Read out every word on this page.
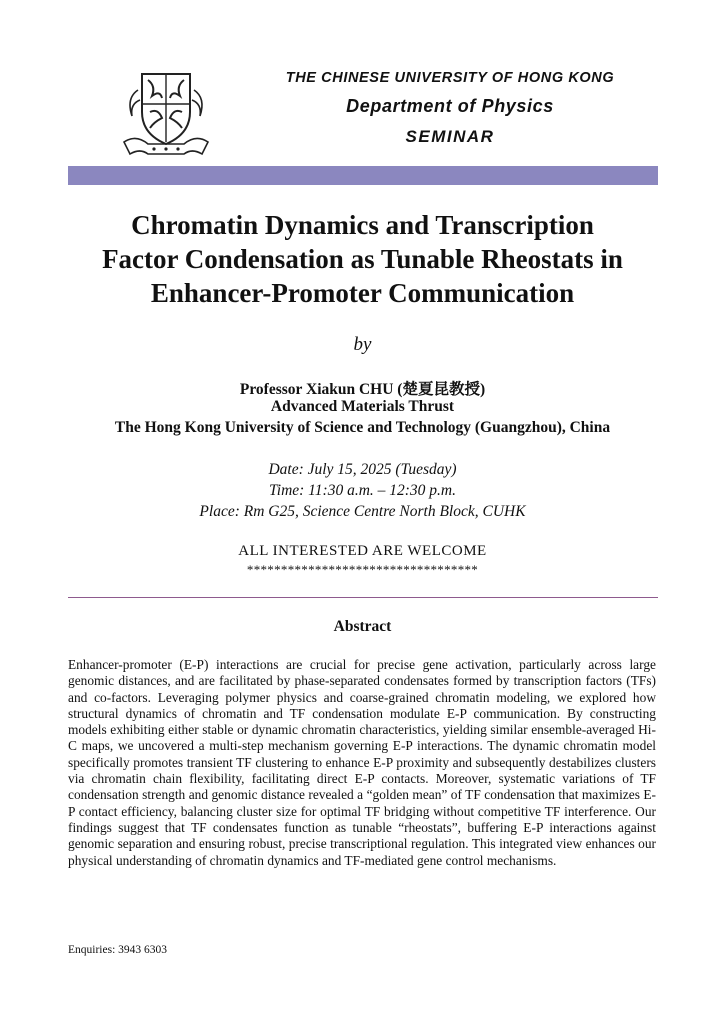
THE CHINESE UNIVERSITY OF HONG KONG
Department of Physics
SEMINAR
Chromatin Dynamics and Transcription
Factor Condensation as Tunable Rheostats in
Enhancer-Promoter Communication
by
Professor Xiakun CHU (楚夏昆教授)
Advanced Materials Thrust
The Hong Kong University of Science and Technology (Guangzhou), China
Date: July 15, 2025 (Tuesday)
Time: 11:30 a.m. – 12:30 p.m.
Place: Rm G25, Science Centre North Block, CUHK
ALL INTERESTED ARE WELCOME
**********************************
Abstract
Enhancer-promoter (E-P) interactions are crucial for precise gene activation, particularly across large genomic distances, and are facilitated by phase-separated condensates formed by transcription factors (TFs) and co-factors. Leveraging polymer physics and coarse-grained chromatin modeling, we explored how structural dynamics of chromatin and TF condensation modulate E-P communication. By constructing models exhibiting either stable or dynamic chromatin characteristics, yielding similar ensemble-averaged Hi-C maps, we uncovered a multi-step mechanism governing E-P interactions. The dynamic chromatin model specifically promotes transient TF clustering to enhance E-P proximity and subsequently destabilizes clusters via chromatin chain flexibility, facilitating direct E-P contacts. Moreover, systematic variations of TF condensation strength and genomic distance revealed a “golden mean” of TF condensation that maximizes E-P contact efficiency, balancing cluster size for optimal TF bridging without competitive TF interference. Our findings suggest that TF condensates function as tunable “rheostats”, buffering E-P interactions against genomic separation and ensuring robust, precise transcriptional regulation. This integrated view enhances our physical understanding of chromatin dynamics and TF-mediated gene control mechanisms.
Enquiries: 3943 6303
